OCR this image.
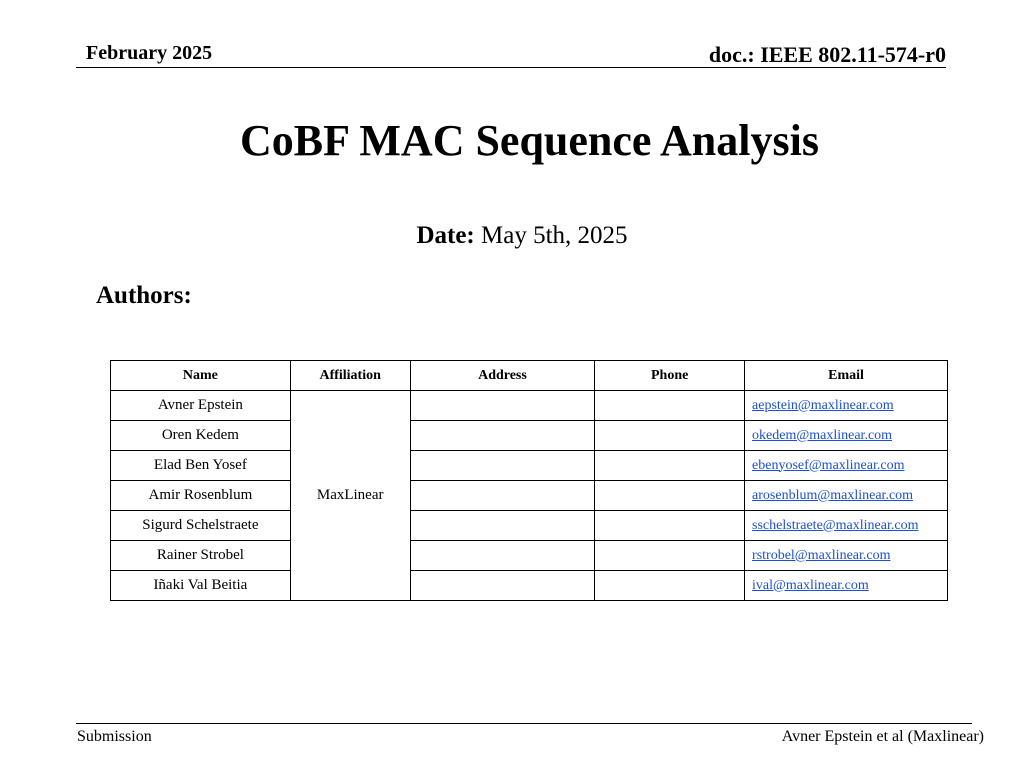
February 2025	doc.: IEEE 802.11-574-r0
CoBF MAC Sequence Analysis
Date: May 5th, 2025
Authors:
Name	Affiliation	Address	Phone	Email
Avner Epstein	MaxLinear			aepstein@maxlinear.com
Oren Kedem				okedem@maxlinear.com
Elad Ben Yosef				ebenyosef@maxlinear.com
Amir Rosenblum				arosenblum@maxlinear.com
Sigurd Schelstraete				sschelstraete@maxlinear.com
Rainer Strobel				rstrobel@maxlinear.com
Iñaki Val Beitia				ival@maxlinear.com
Submission	Avner Epstein et al (Maxlinear)
